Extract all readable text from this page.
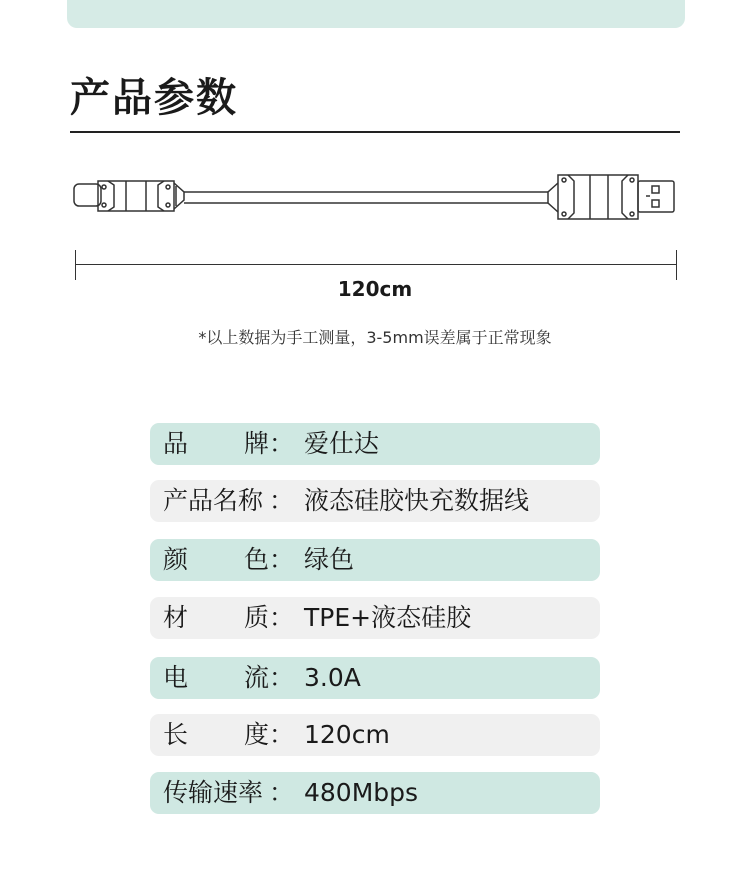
产品参数
120cm
*以上数据为手工测量，3-5mm误差属于正常现象
品 牌： 爱仕达
产品名称 ： 液态硅胶快充数据线
颜 色： 绿色
材 质： TPE+液态硅胶
电 流： 3.0A
长 度： 120cm
传输速率 ： 480Mbps
